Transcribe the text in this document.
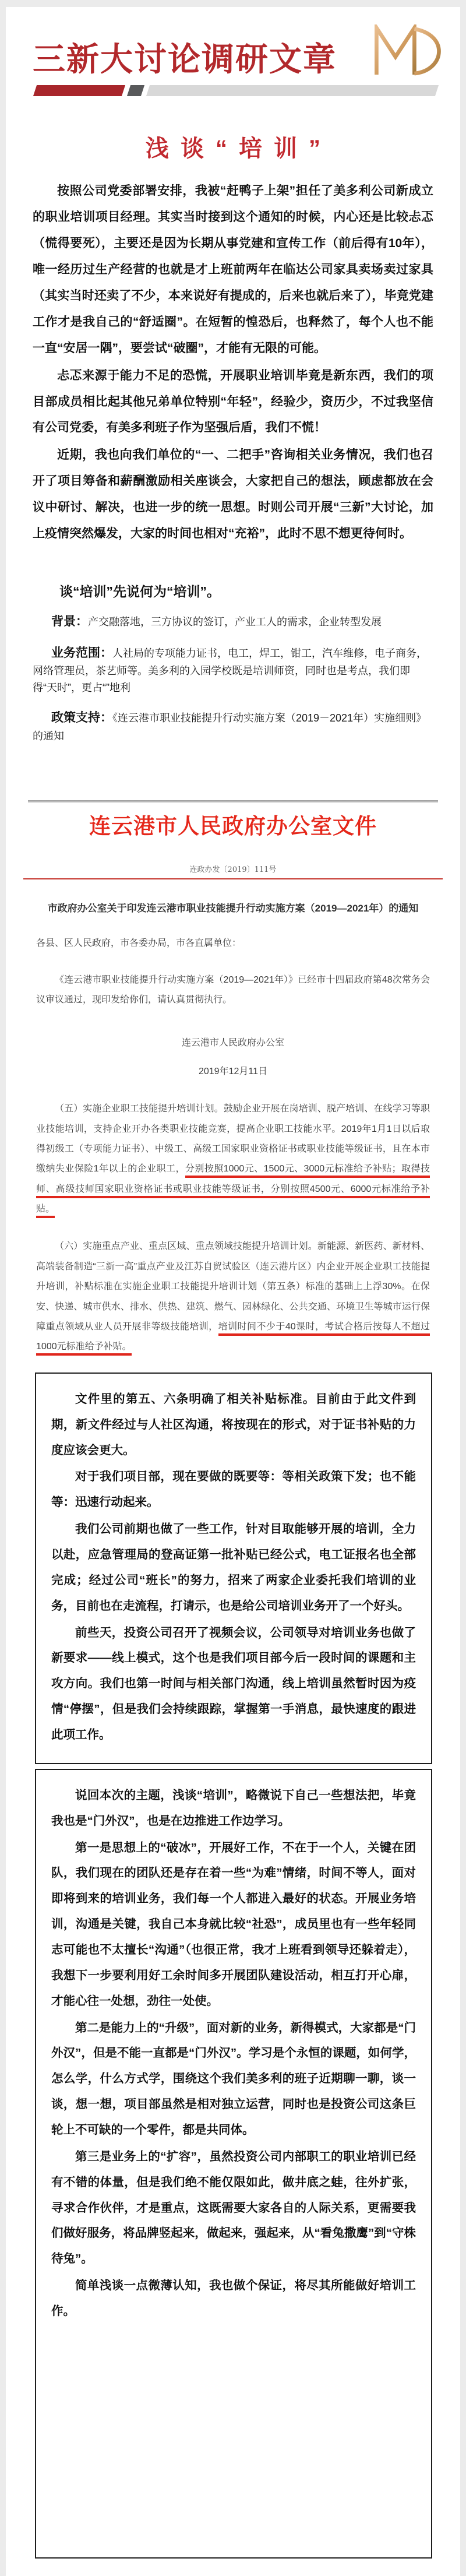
三新大讨论调研文章
浅谈“培训”

按照公司党委部署安排，我被“赶鸭子上架”担任了美多利公司新成立的职业培训项目经理。其实当时接到这个通知的时候，内心还是比较忐忑（慌得要死），主要还是因为长期从事党建和宣传工作（前后得有10年），唯一经历过生产经营的也就是才上班前两年在临达公司家具卖场卖过家具（其实当时还卖了不少，本来说好有提成的，后来也就后来了），毕竟党建工作才是我自己的“舒适圈”。在短暂的惶恐后，也释然了，每个人也不能一直“安居一隅”，要尝试“破圈”，才能有无限的可能。

忐忑来源于能力不足的恐慌，开展职业培训毕竟是新东西，我们的项目部成员相比起其他兄弟单位特别“年轻”，经验少，资历少，不过我坚信有公司党委，有美多利班子作为坚强后盾，我们不慌！

近期，我也向我们单位的“一、二把手”咨询相关业务情况，我们也召开了项目筹备和薪酬激励相关座谈会，大家把自己的想法，顾虑都放在会议中研讨、解决，也进一步的统一思想。时则公司开展“三新”大讨论，加上疫情突然爆发，大家的时间也相对“充裕”，此时不思不想更待何时。

谈“培训”先说何为“培训”。

背景：产交融落地，三方协议的签订，产业工人的需求，企业转型发展

业务范围：人社局的专项能力证书，电工，焊工，钳工，汽车维修，电子商务，网络管理员，茶艺师等。美多利的入园学校既是培训师资，同时也是考点，我们即得“天时”，更占“”地利

政策支持：《连云港市职业技能提升行动实施方案（2019－2021年）实施细则》的通知

连云港市人民政府办公室文件
连政办发〔2019〕111号
市政府办公室关于印发连云港市职业技能提升行动实施方案（2019—2021年）的通知

各县、区人民政府，市各委办局，市各直属单位：

《连云港市职业技能提升行动实施方案（2019—2021年）》已经市十四届政府第48次常务会议审议通过，现印发给你们，请认真贯彻执行。

连云港市人民政府办公室

2019年12月11日

（五）实施企业职工技能提升培训计划。鼓励企业开展在岗培训、脱产培训、在线学习等职业技能培训，支持企业开办各类职业技能竞赛，提高企业职工技能水平。2019年1月1日以后取得初级工（专项能力证书）、中级工、高级工国家职业资格证书或职业技能等级证书，且在本市缴纳失业保险1年以上的企业职工，分别按照1000元、1500元、3000元标准给予补贴；取得技师、高级技师国家职业资格证书或职业技能等级证书，分别按照4500元、6000元标准给予补贴。

（六）实施重点产业、重点区域、重点领域技能提升培训计划。新能源、新医药、新材料、高端装备制造“三新一高”重点产业及江苏自贸试验区（连云港片区）内企业开展企业职工技能提升培训，补贴标准在实施企业职工技能提升培训计划（第五条）标准的基础上上浮30%。在保安、快递、城市供水、排水、供热、建筑、燃气、园林绿化、公共交通、环境卫生等城市运行保障重点领域从业人员开展非等级技能培训，培训时间不少于40课时，考试合格后按每人不超过1000元标准给予补贴。

文件里的第五、六条明确了相关补贴标准。目前由于此文件到期，新文件经过与人社区沟通，将按现在的形式，对于证书补贴的力度应该会更大。

对于我们项目部，现在要做的既要等：等相关政策下发；也不能等：迅速行动起来。

我们公司前期也做了一些工作，针对目取能够开展的培训，全力以赴，应急管理局的登高证第一批补贴已经公式，电工证报名也全部完成；经过公司“班长”的努力，招来了两家企业委托我们培训的业务，目前也在走流程，打请示，也是给公司培训业务开了一个好头。

前些天，投资公司召开了视频会议，公司领导对培训业务也做了新要求——线上模式，这个也是我们项目部今后一段时间的课题和主攻方向。我们也第一时间与相关部门沟通，线上培训虽然暂时因为疫情“停摆”，但是我们会持续跟踪，掌握第一手消息，最快速度的跟进此项工作。

说回本次的主题，浅谈“培训”，略微说下自己一些想法把，毕竟我也是“门外汉”，也是在边推进工作边学习。

第一是思想上的“破冰”，开展好工作，不在于一个人，关键在团队，我们现在的团队还是存在着一些“为难”情绪，时间不等人，面对即将到来的培训业务，我们每一个人都进入最好的状态。开展业务培训，沟通是关键，我自己本身就比较“社恐”，成员里也有一些年轻同志可能也不太擅长“沟通”（也很正常，我才上班看到领导还躲着走），我想下一步要利用好工余时间多开展团队建设活动，相互打开心扉，才能心往一处想，劲往一处使。

第二是能力上的“升级”，面对新的业务，新得模式，大家都是“门外汉”，但是不能一直都是“门外汉”。学习是个永恒的课题，如何学，怎么学，什么方式学，围绕这个我们美多利的班子近期聊一聊，谈一谈，想一想，项目部虽然是相对独立运营，同时也是投资公司这条巨轮上不可缺的一个零件，都是共同体。

第三是业务上的“扩容”，虽然投资公司内部职工的职业培训已经有不错的体量，但是我们绝不能仅限如此，做井底之蛙，往外扩张，寻求合作伙伴，才是重点，这既需要大家各自的人际关系，更需要我们做好服务，将品牌竖起来，做起来，强起来，从“看兔撒鹰”到“守株待兔”。

简单浅谈一点微薄认知，我也做个保证，将尽其所能做好培训工作。
